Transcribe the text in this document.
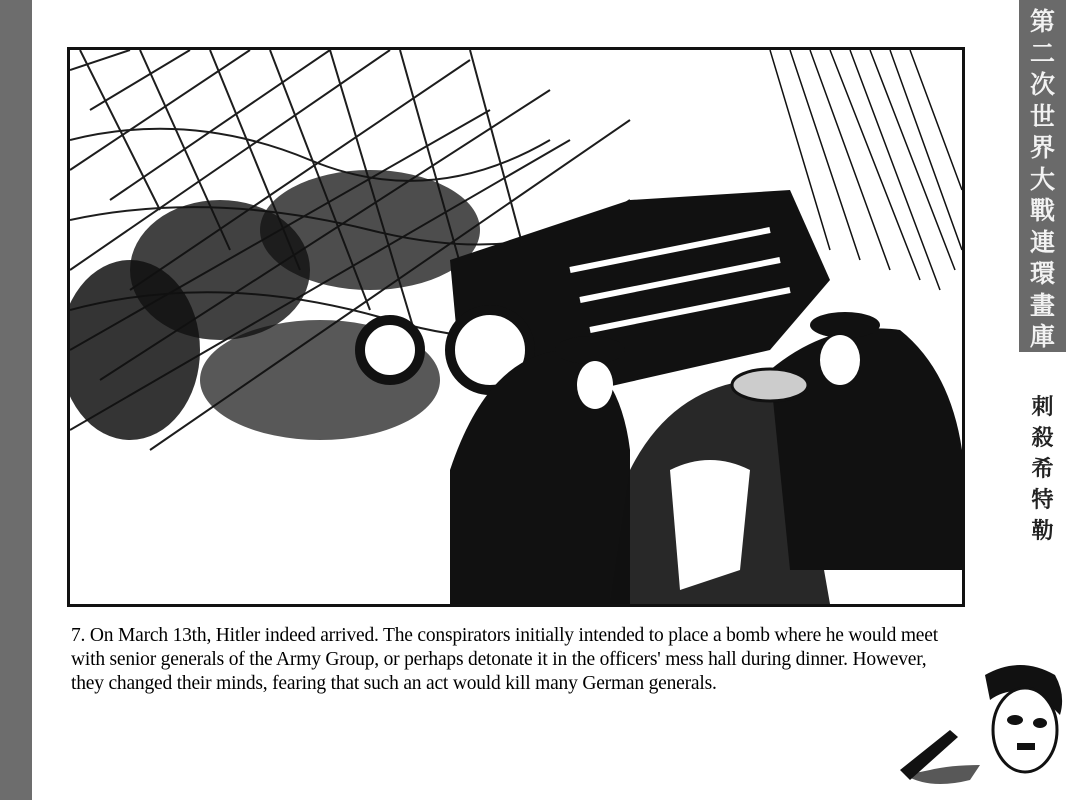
第
二
次
世
界
大
戰
連
環
畫
庫
刺
殺
希
特
勒
7. On March 13th, Hitler indeed arrived. The conspirators initially intended to place a bomb where he would meet with senior generals of the Army Group, or perhaps detonate it in the officers' mess hall during dinner. However, they changed their minds, fearing that such an act would kill many German generals.
